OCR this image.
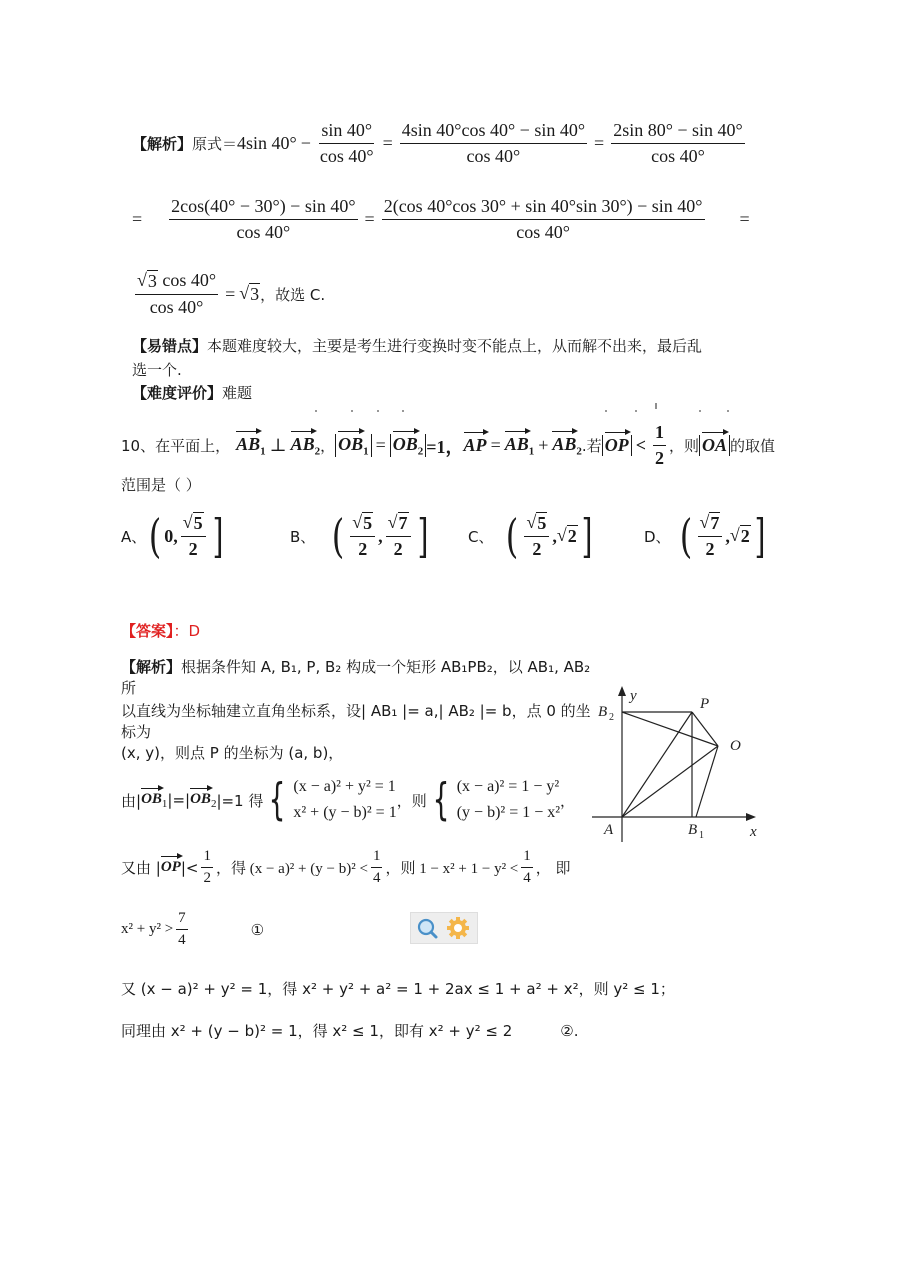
【解析】 原式＝ 4sin $40^\circ - \frac{\sin 40^\circ}{\cos 40^\circ} = \frac{4\sin 40^\circ\cos 40^\circ - \sin 40^\circ}{\cos 40^\circ} = \frac{2\sin 80^\circ - \sin 40^\circ}{\cos 40^\circ}$
= $\frac{2\cos(40^\circ - 30^\circ) - \sin 40^\circ}{\cos 40^\circ} = \frac{2(\cos 40^\circ\cos 30^\circ + \sin 40^\circ\sin 30^\circ) - \sin 40^\circ}{\cos 40^\circ}$ =
$\frac{√ 3 \cos 40^\circ}{\cos 40^\circ}$ = √ 3 ，故选 C.
【易错点】本题难度较大，主要是考生进行变换时变不能点上，从而解不出来，最后乱
选一个.
【难度评价】难题
10、 在平面上， $AB_1$ ⊥ $AB_2$ ， $OB_1 = OB_2 =1$， AP = $AB_1 + AB_2$ .若 OP < $\frac{1}{2}$ ，则 OA 的取值
范围是（ ）
A、 ( 0, $\frac{√ 5}{2}$ ]	B、 ( $\frac{√ 5}{2}$ , $\frac{√ 7}{2}$ ]	C、 ( $\frac{√ 5}{2}$ , √ 2 ]	D、 ( $\frac{√ 7}{2}$ , √ 2 ]
【答案】：D
【解析】根据条件知 A, B₁, P, B₂ 构成一个矩形 AB₁PB₂，以 AB₁, AB₂ 所
以直线为坐标轴建立直角坐标系，设| AB₁ |= a,| AB₂ |= b，点 0 的坐标为
(x, y)，则点 P 的坐标为 (a, b)，
由| $OB_1$ |=| $OB_2$ |=1 得 { (x − a)² + y² = 1
x² + (y − b)² = 1
，则 { (x − a)² = 1 − y²
(y − b)² = 1 − x²
，
又由 | OP |< $\frac{1}{2}$ ，得 $(x - a)^2 + (y - b)^2 < \frac{1}{4}$ ，则 $1 - x^2 + 1 - y^2 < \frac{1}{4}$ ， 即
$x^2 + y^2 > \frac{7}{4}$	①
又 (x − a)² + y² = 1，得 x² + y² + a² = 1 + 2ax ≤ 1 + a² + x²，则 y² ≤ 1；
同理由 x² + (y − b)² = 1，得 x² ≤ 1，即有 x² + y² ≤ 2	②.
y
x
B 2
P
O
A	B 1
